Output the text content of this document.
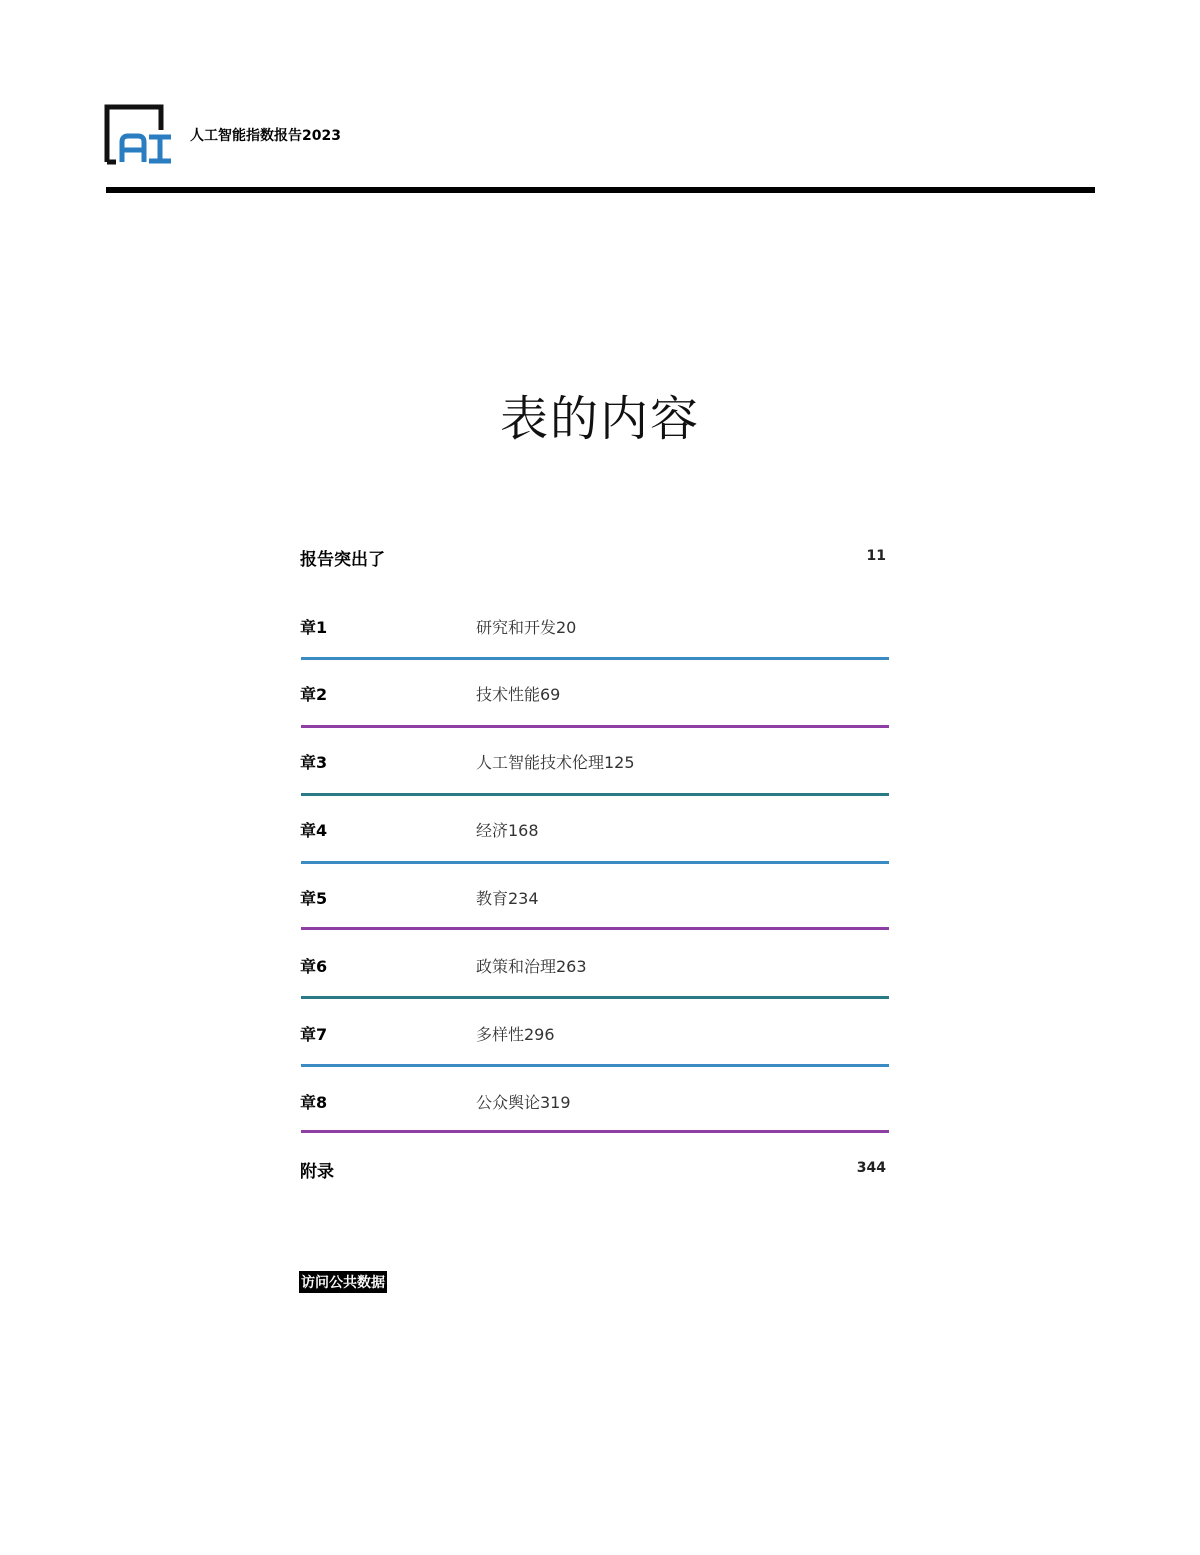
人工智能指数报告2023
表的内容
报告突出了	11
章1	研究和开发20
章2	技术性能69
章3	人工智能技术伦理125
章4	经济168
章5	教育234
章6	政策和治理263
章7	多样性296
章8	公众舆论319
附录	344
访问公共数据
